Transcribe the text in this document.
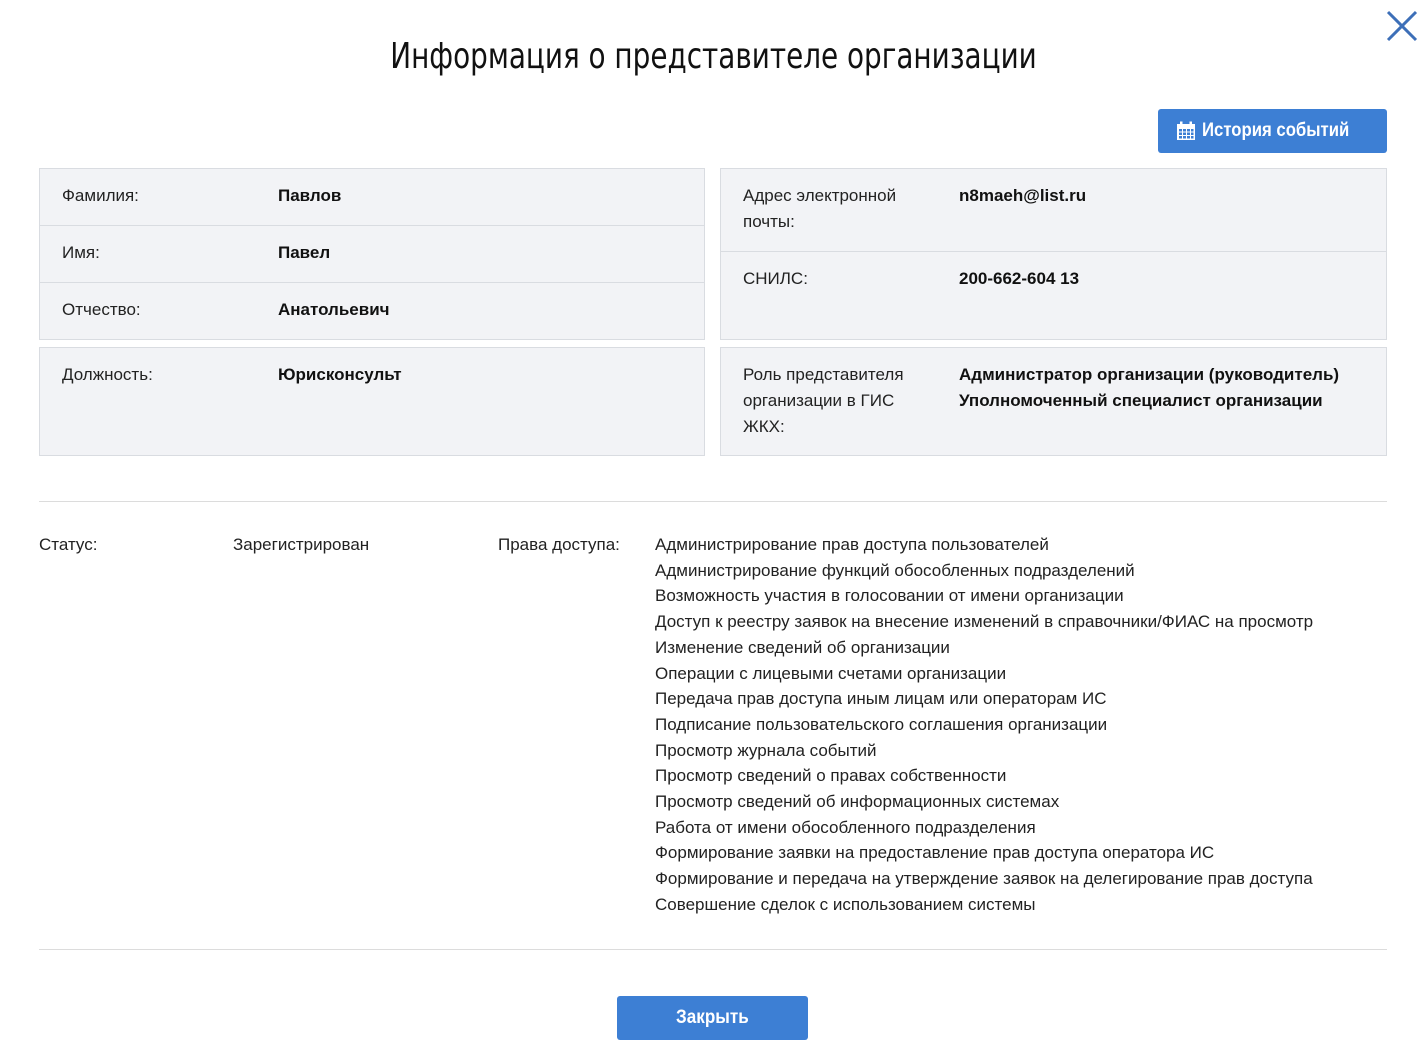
Информация о представителе организации
История событий
Фамилия:	Павлов
Имя:	Павел
Отчество:	Анатольевич
Должность:	Юрисконсульт
Адрес электронной почты:
n8maeh@list.ru
СНИЛС:	200-662-604 13
Роль представителя организации в ГИС ЖКХ:
Администратор организации (руководитель)
Уполномоченный специалист организации
Статус:	Зарегистрирован	Права доступа: Администрирование прав доступа пользователей
Администрирование функций обособленных подразделений
Возможность участия в голосовании от имени организации
Доступ к реестру заявок на внесение изменений в справочники/ФИАС на просмотр
Изменение сведений об организации
Операции с лицевыми счетами организации
Передача прав доступа иным лицам или операторам ИС
Подписание пользовательского соглашения организации
Просмотр журнала событий
Просмотр сведений о правах собственности
Просмотр сведений об информационных системах
Работа от имени обособленного подразделения
Формирование заявки на предоставление прав доступа оператора ИС
Формирование и передача на утверждение заявок на делегирование прав доступа
Совершение сделок с использованием системы
Закрыть
